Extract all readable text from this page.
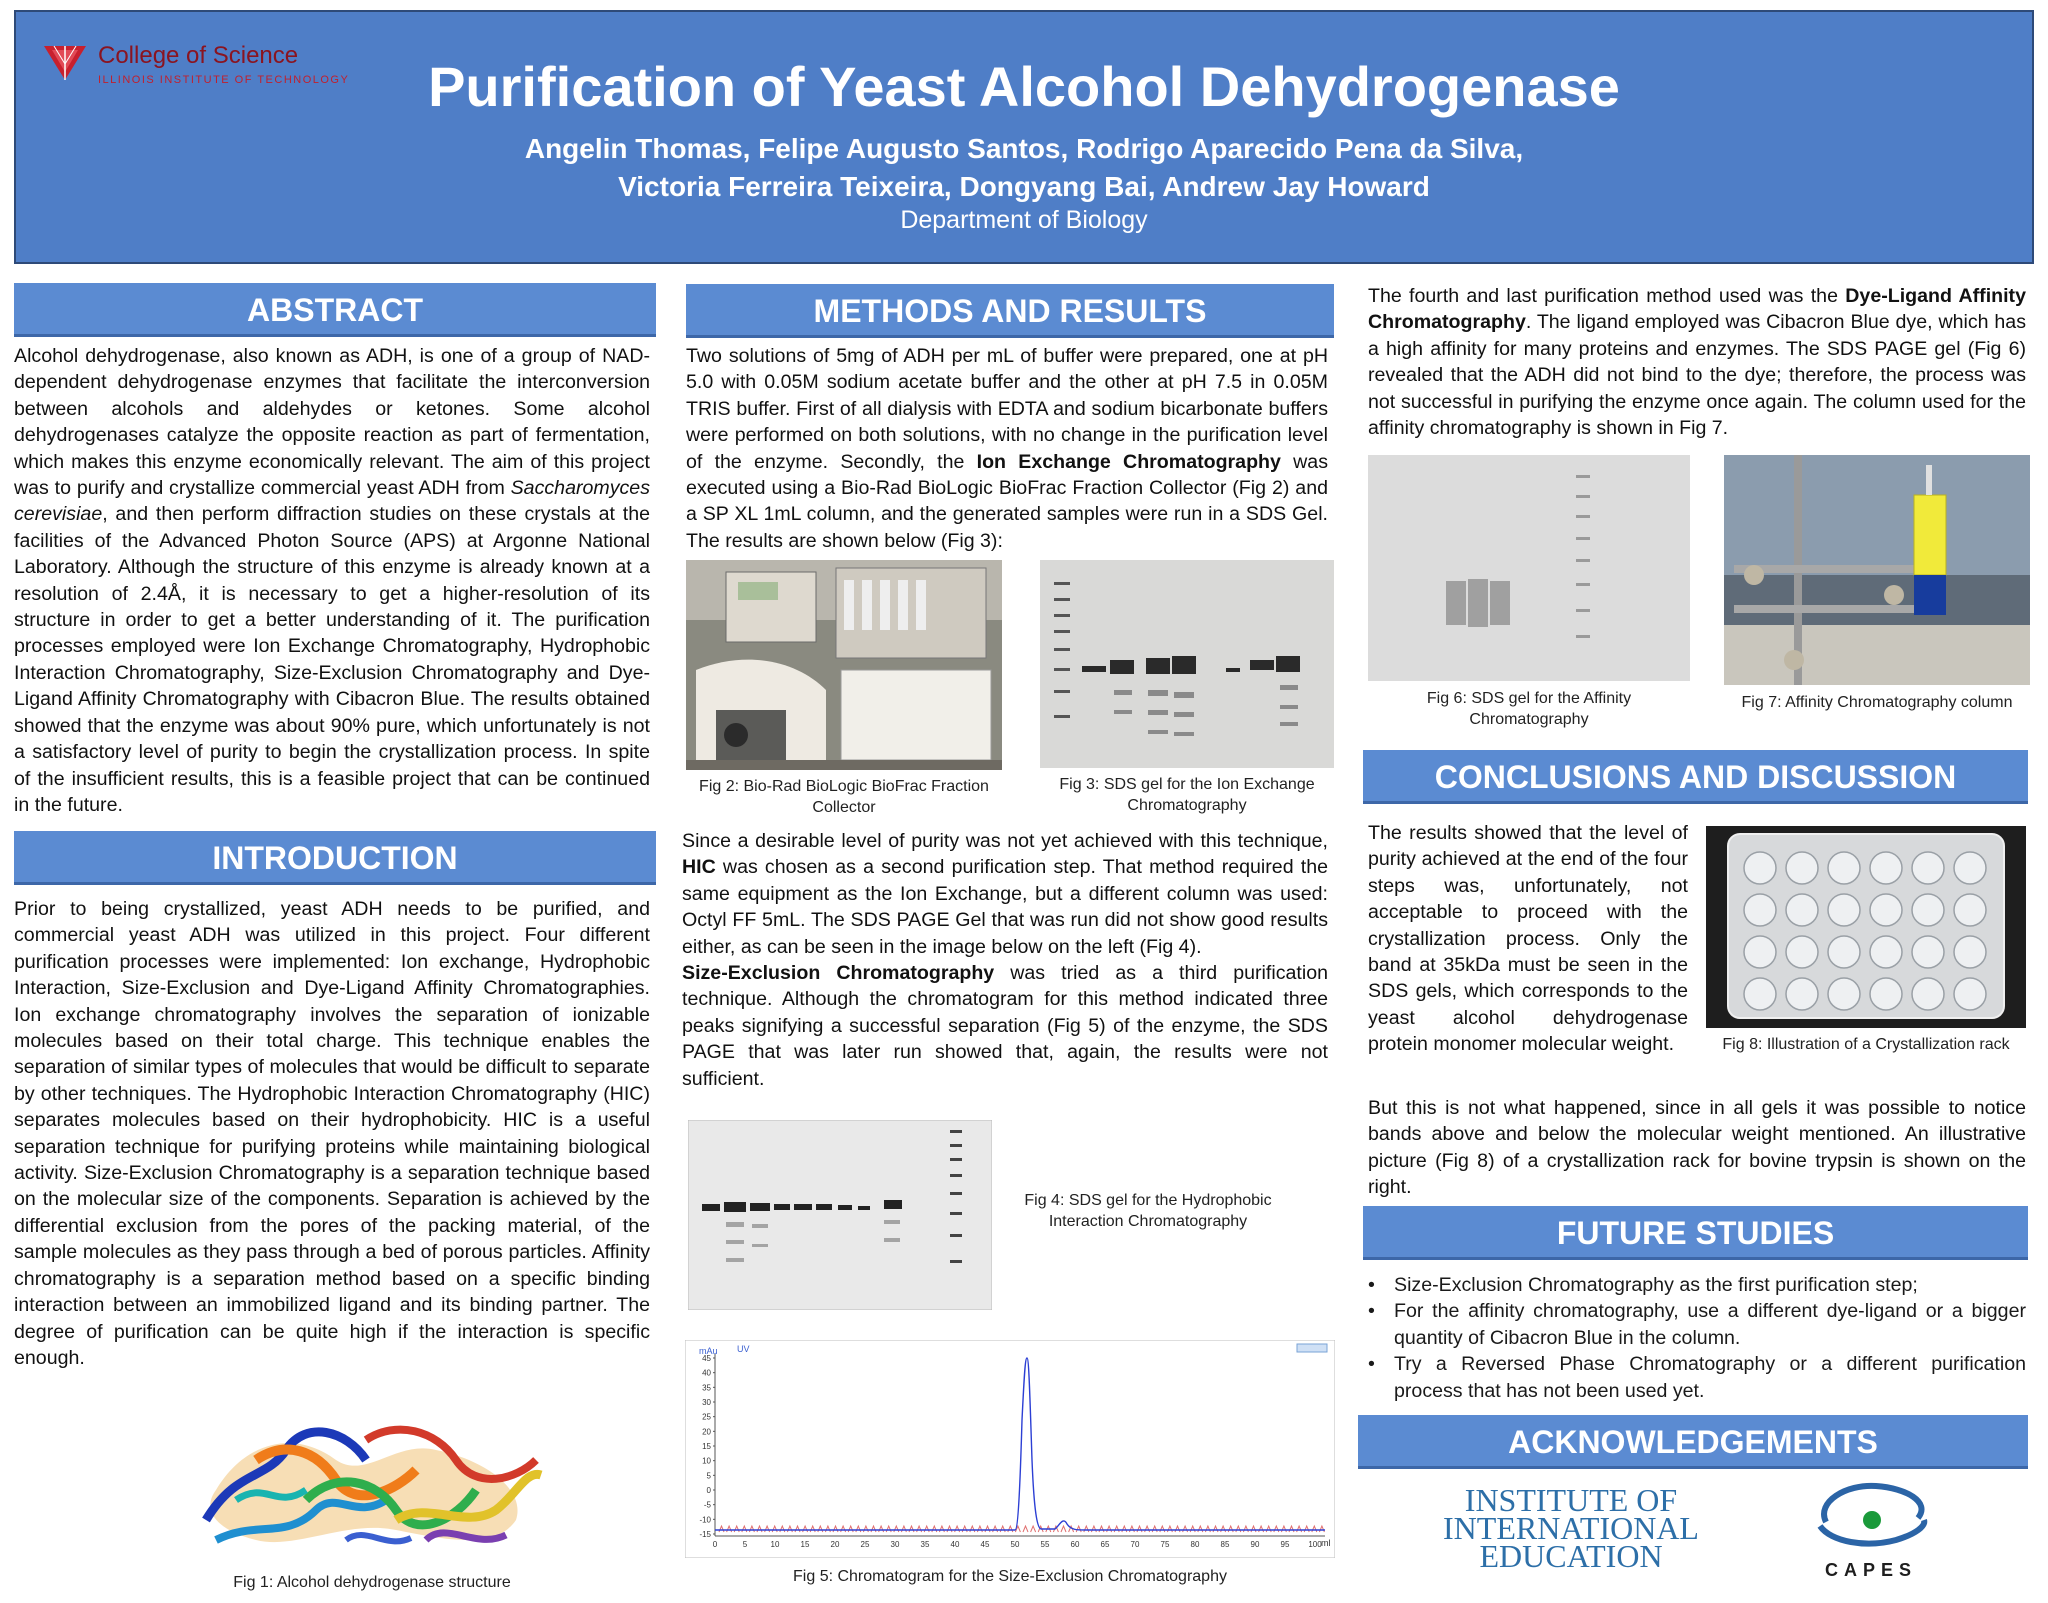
College of Science
ILLINOIS INSTITUTE OF TECHNOLOGY	Purification of Yeast Alcohol Dehydrogenase
Angelin Thomas, Felipe Augusto Santos, Rodrigo Aparecido Pena da Silva,
Victoria Ferreira Teixeira, Dongyang Bai, Andrew Jay Howard
Department of Biology
ABSTRACT
Alcohol dehydrogenase, also known as ADH, is one of a group of NAD-dependent dehydrogenase enzymes that facilitate the interconversion between alcohols and aldehydes or ketones. Some alcohol dehydrogenases catalyze the opposite reaction as part of fermentation, which makes this enzyme economically relevant. The aim of this project was to purify and crystallize commercial yeast ADH from Saccharomyces cerevisiae, and then perform diffraction studies on these crystals at the facilities of the Advanced Photon Source (APS) at Argonne National Laboratory. Although the structure of this enzyme is already known at a resolution of 2.4Å, it is necessary to get a higher-resolution of its structure in order to get a better understanding of it. The purification processes employed were Ion Exchange Chromatography, Hydrophobic Interaction Chromatography, Size-Exclusion Chromatography and Dye-Ligand Affinity Chromatography with Cibacron Blue. The results obtained showed that the enzyme was about 90% pure, which unfortunately is not a satisfactory level of purity to begin the crystallization process. In spite of the insufficient results, this is a feasible project that can be continued in the future.
INTRODUCTION
Prior to being crystallized, yeast ADH needs to be purified, and commercial yeast ADH was utilized in this project. Four different purification processes were implemented: Ion exchange, Hydrophobic Interaction, Size-Exclusion and Dye-Ligand Affinity Chromatographies. Ion exchange chromatography involves the separation of ionizable molecules based on their total charge. This technique enables the separation of similar types of molecules that would be difficult to separate by other techniques. The Hydrophobic Interaction Chromatography (HIC) separates molecules based on their hydrophobicity. HIC is a useful separation technique for purifying proteins while maintaining biological activity. Size-Exclusion Chromatography is a separation technique based on the molecular size of the components. Separation is achieved by the differential exclusion from the pores of the packing material, of the sample molecules as they pass through a bed of porous particles. Affinity chromatography is a separation method based on a specific binding interaction between an immobilized ligand and its binding partner. The degree of purification can be quite high if the interaction is specific enough.
Fig 1: Alcohol dehydrogenase structure
METHODS AND RESULTS
Two solutions of 5mg of ADH per mL of buffer were prepared, one at pH 5.0 with 0.05M sodium acetate buffer and the other at pH 7.5 in 0.05M TRIS buffer. First of all dialysis with EDTA and sodium bicarbonate buffers were performed on both solutions, with no change in the purification level of the enzyme. Secondly, the Ion Exchange Chromatography was executed using a Bio-Rad BioLogic BioFrac Fraction Collector (Fig 2) and a SP XL 1mL column, and the generated samples were run in a SDS Gel. The results are shown below (Fig 3):
Fig 2: Bio-Rad BioLogic BioFrac Fraction Collector
Fig 3: SDS gel for the Ion Exchange Chromatography
Since a desirable level of purity was not yet achieved with this technique, HIC was chosen as a second purification step. That method required the same equipment as the Ion Exchange, but a different column was used: Octyl FF 5mL. The SDS PAGE Gel that was run did not show good results either, as can be seen in the image below on the left (Fig 4).
Size-Exclusion Chromatography was tried as a third purification technique. Although the chromatogram for this method indicated three peaks signifying a successful separation (Fig 5) of the enzyme, the SDS PAGE that was later run showed that, again, the results were not sufficient.
Fig 4: SDS gel for the Hydrophobic Interaction Chromatography
mAu UV
ml
45
40
35
30
25
20
15
10
5
0
-5
-10
-15
0	5	10	15	20	25	30	35	40	45	50	55	60	65	70	75	80	85	90	95 100
Fig 5: Chromatogram for the Size-Exclusion Chromatography
The fourth and last purification method used was the Dye-Ligand Affinity Chromatography. The ligand employed was Cibacron Blue dye, which has a high affinity for many proteins and enzymes. The SDS PAGE gel (Fig 6) revealed that the ADH did not bind to the dye; therefore, the process was not successful in purifying the enzyme once again. The column used for the affinity chromatography is shown in Fig 7.
Fig 6: SDS gel for the Affinity Chromatography
Fig 7: Affinity Chromatography column
CONCLUSIONS AND DISCUSSION
The results showed that the level of purity achieved at the end of the four steps was, unfortunately, not acceptable to proceed with the crystallization process. Only the band at 35kDa must be seen in the SDS gels, which corresponds to the yeast alcohol dehydrogenase protein monomer molecular weight.	Fig 8: Illustration of a Crystallization rack
But this is not what happened, since in all gels it was possible to notice bands above and below the molecular weight mentioned. An illustrative picture (Fig 8) of a crystallization rack for bovine trypsin is shown on the right.
FUTURE STUDIES
• Size-Exclusion Chromatography as the first purification step;
• For the affinity chromatography, use a different dye-ligand or a bigger quantity of Cibacron Blue in the column.
• Try a Reversed Phase Chromatography or a different purification process that has not been used yet.
ACKNOWLEDGEMENTS
INSTITUTE OF
INTERNATIONAL
EDUCATION	CAPES
